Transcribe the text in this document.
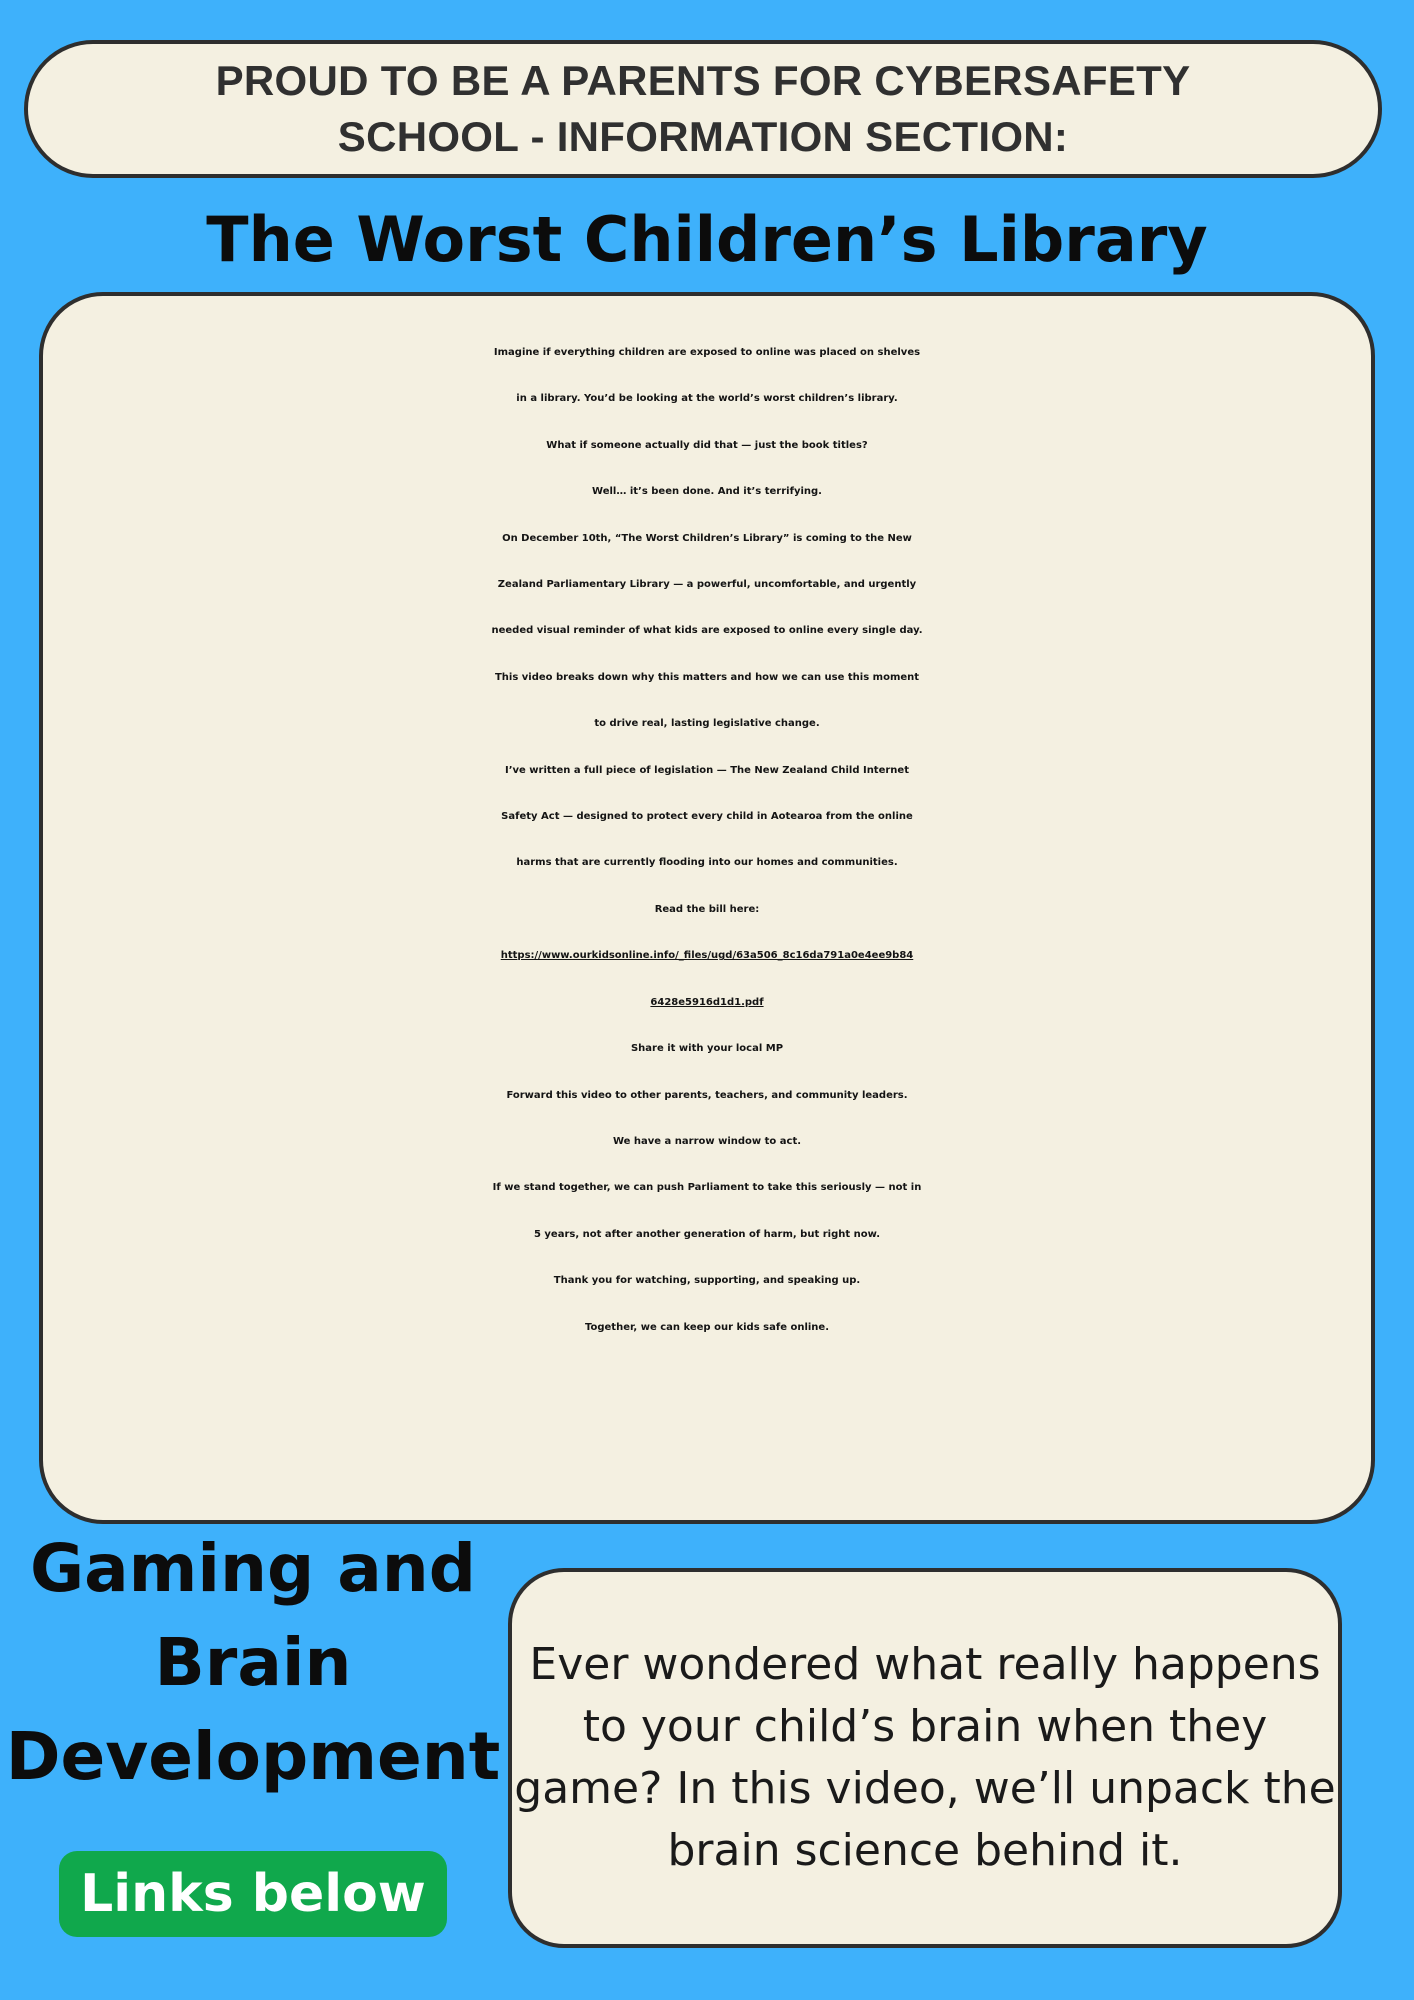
PROUD TO BE A PARENTS FOR CYBERSAFETY
SCHOOL - INFORMATION SECTION:
The Worst Children’s Library
Imagine if everything children are exposed to online was placed on shelves
in a library. You’d be looking at the world’s worst children’s library.
What if someone actually did that — just the book titles?
Well… it’s been done. And it’s terrifying.
On December 10th, “The Worst Children’s Library” is coming to the New
Zealand Parliamentary Library — a powerful, uncomfortable, and urgently
needed visual reminder of what kids are exposed to online every single day.
This video breaks down why this matters and how we can use this moment
to drive real, lasting legislative change.
I’ve written a full piece of legislation — The New Zealand Child Internet
Safety Act — designed to protect every child in Aotearoa from the online
harms that are currently flooding into our homes and communities.
Read the bill here:
https://www.ourkidsonline.info/_files/ugd/63a506_8c16da791a0e4ee9b84
6428e5916d1d1.pdf
Share it with your local MP
Forward this video to other parents, teachers, and community leaders.
We have a narrow window to act.
If we stand together, we can push Parliament to take this seriously — not in
5 years, not after another generation of harm, but right now.
Thank you for watching, supporting, and speaking up.
Together, we can keep our kids safe online.
Gaming and
Brain
Development
Links below
Ever wondered what really happens
to your child’s brain when they
game? In this video, we’ll unpack the
brain science behind it.
